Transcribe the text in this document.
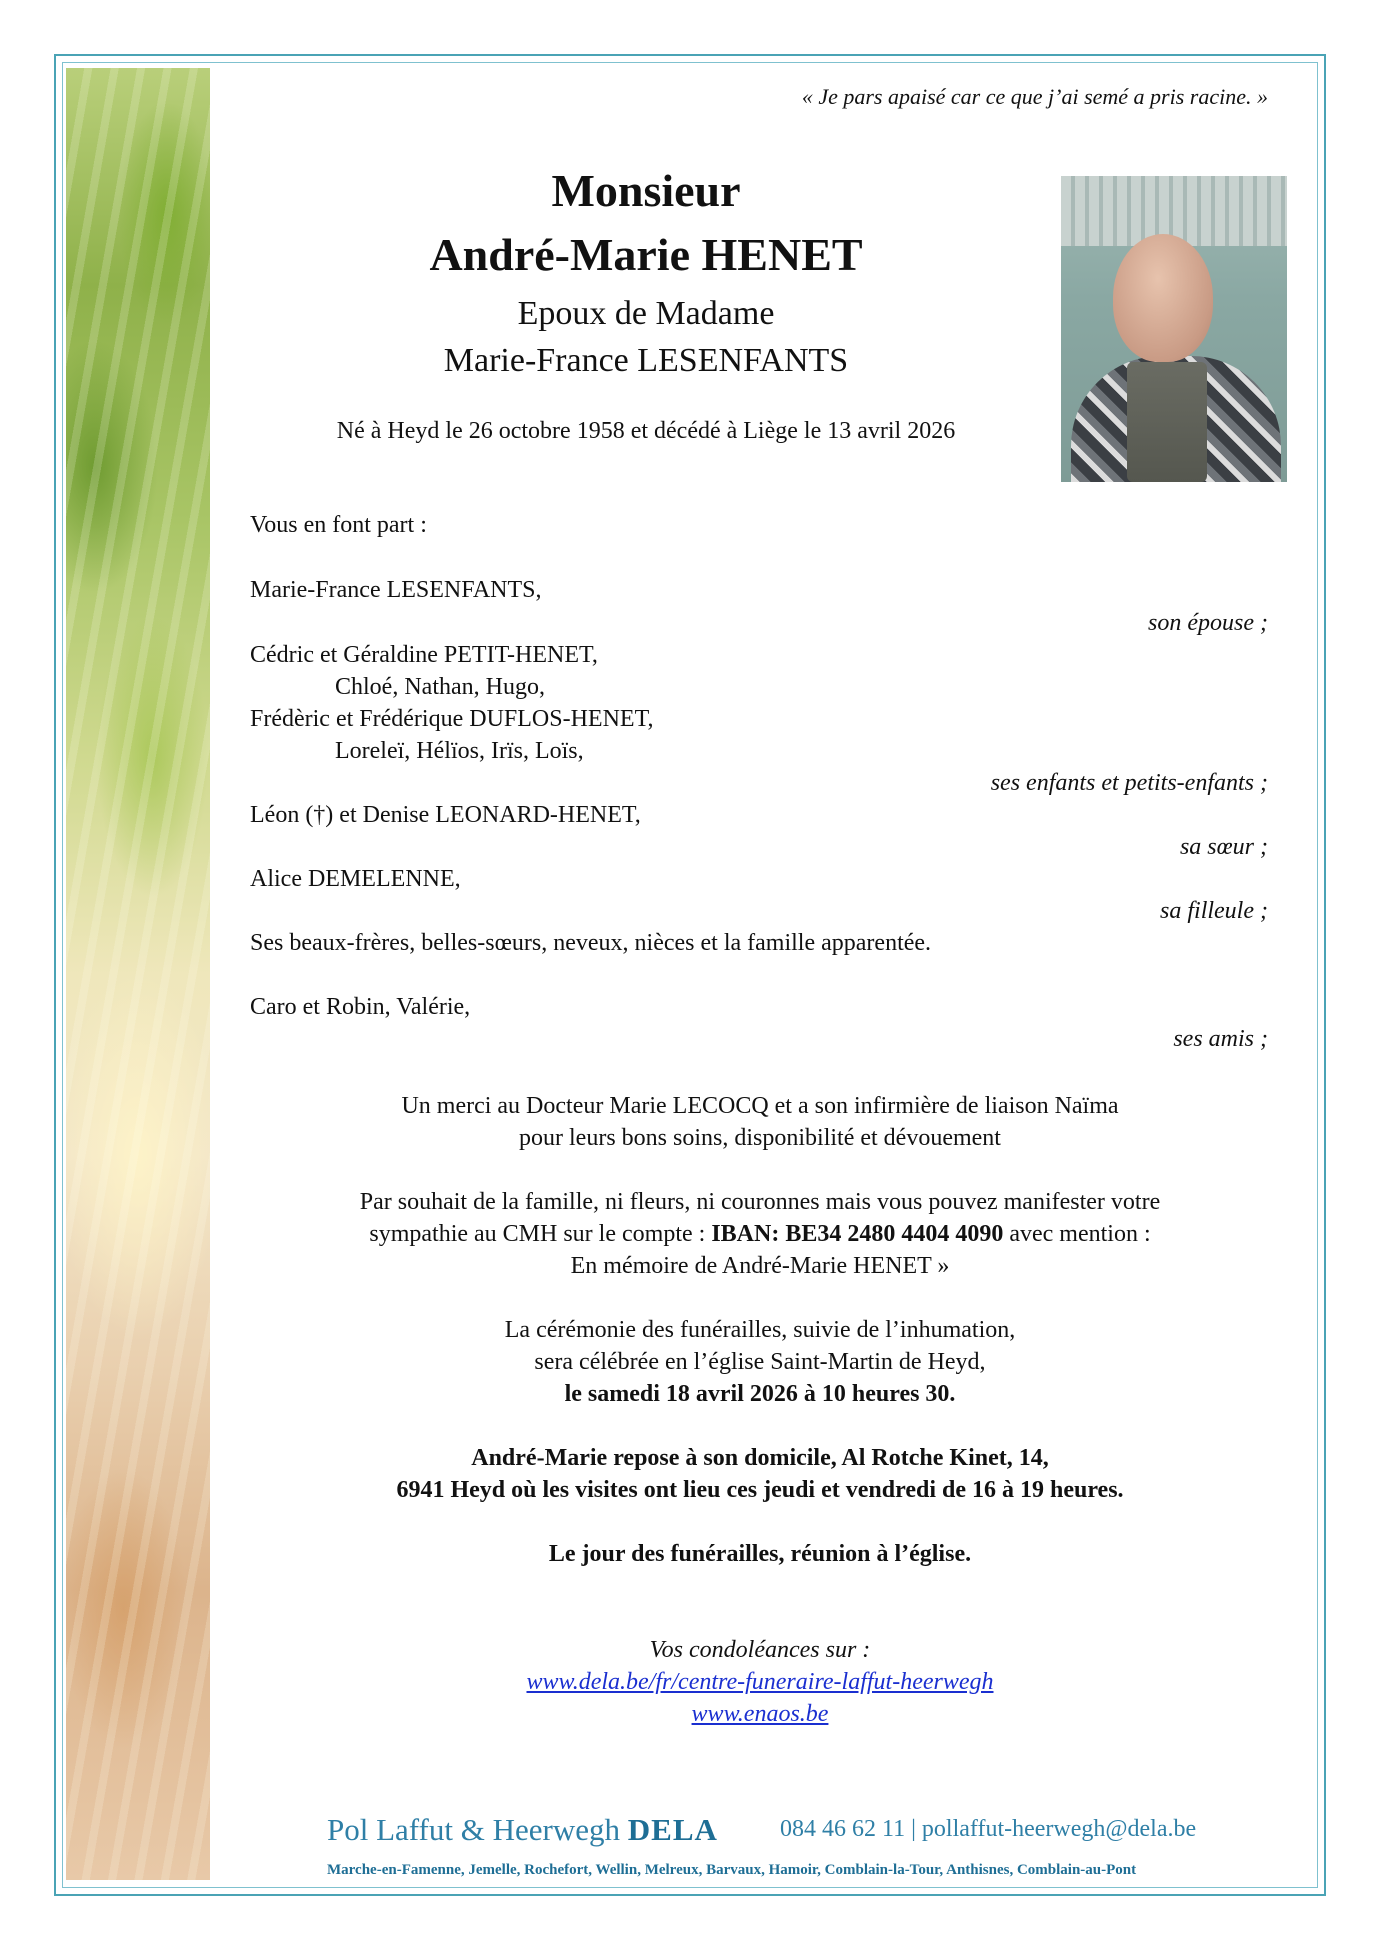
« Je pars apaisé car ce que j’ai semé a pris racine. »
Monsieur
André-Marie HENET
Epoux de Madame
Marie-France LESENFANTS
Né à Heyd le 26 octobre 1958 et décédé à Liège le 13 avril 2026
Vous en font part :
Marie-France LESENFANTS,
son épouse ;
Cédric et Géraldine PETIT-HENET,
Chloé, Nathan, Hugo,
Frédèric et Frédérique DUFLOS-HENET,
Loreleï, Hélïos, Irïs, Loïs,
ses enfants et petits-enfants ;
Léon (†) et Denise LEONARD-HENET,
sa sœur ;
Alice DEMELENNE,
sa filleule ;
Ses beaux-frères, belles-sœurs, neveux, nièces et la famille apparentée.
Caro et Robin, Valérie,
ses amis ;
Un merci au Docteur Marie LECOCQ et a son infirmière de liaison Naïma
pour leurs bons soins, disponibilité et dévouement
Par souhait de la famille, ni fleurs, ni couronnes mais vous pouvez manifester votre
sympathie au CMH sur le compte : IBAN: BE34 2480 4404 4090 avec mention :
En mémoire de André-Marie HENET »
La cérémonie des funérailles, suivie de l’inhumation,
sera célébrée en l’église Saint-Martin de Heyd,
le samedi 18 avril 2026 à 10 heures 30.
André-Marie repose à son domicile, Al Rotche Kinet, 14,
6941 Heyd où les visites ont lieu ces jeudi et vendredi de 16 à 19 heures.
Le jour des funérailles, réunion à l’église.
Vos condoléances sur :
www.dela.be/fr/centre-funeraire-laffut-heerwegh
www.enaos.be
Pol Laffut & Heerwegh DELA	084 46 62 11 | pollaffut-heerwegh@dela.be
Marche-en-Famenne, Jemelle, Rochefort, Wellin, Melreux, Barvaux, Hamoir, Comblain-la-Tour, Anthisnes, Comblain-au-Pont
